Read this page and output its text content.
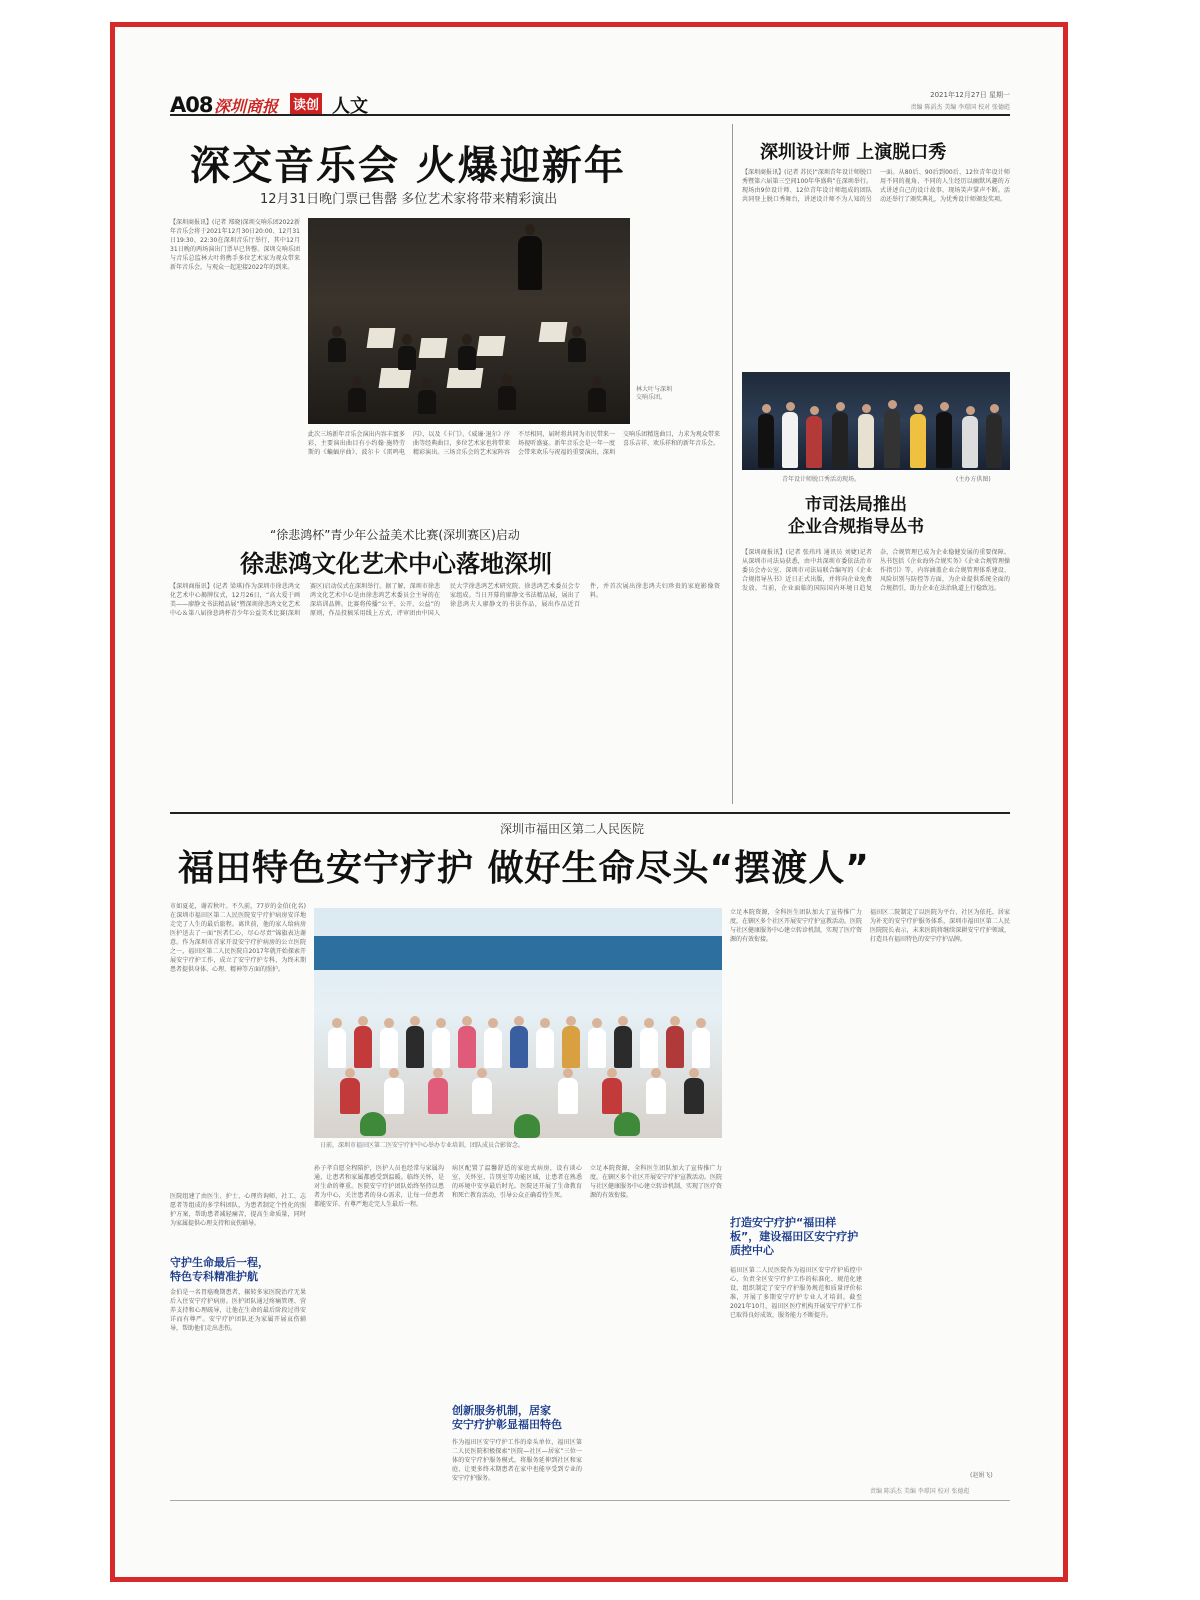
A08 深圳商报 读创 人文
2021年12月27日 星期一
责编 陈滔杰 美编 李璟国 校对 张德彪
深交音乐会 火爆迎新年
12月31日晚门票已售罄 多位艺术家将带来精彩演出
【深圳商报讯】(记者 郑晓)深圳交响乐团2022新年音乐会将于2021年12月30日20:00、12月31日19:30、22:30在深圳音乐厅举行，其中12月31日晚的两场演出门票早已售罄。深圳交响乐团与音乐总监林大叶将携手多位艺术家为观众带来新年音乐会，与观众一起迎接2022年的到来。
林大叶与深圳交响乐团。
此次三场新年音乐会演出内容丰富多彩，主要演出曲目有小约翰·施特劳斯的《蝙蝠序曲》、波尔卡《雷鸣电闪》，以及《卡门》、《威廉·退尔》序曲等经典曲目，多位艺术家也将带来精彩演出。三场音乐会的艺术家阵容不尽相同，届时将共同为市民带来一场视听盛宴。新年音乐会是一年一度会带来欢乐与祝福的重要演出，深圳交响乐团精选曲目，力求为观众带来喜乐吉祥、欢乐祥和的新年音乐会。
“徐悲鸿杯”青少年公益美术比赛(深圳赛区)启动
徐悲鸿文化艺术中心落地深圳
【深圳商报讯】(记者 梁琪)作为深圳市徐悲鸿文化艺术中心揭牌仪式，12月26日，“高大爱于画美——廖静文书法精品展”暨深圳徐悲鸿文化艺术中心＆第八届徐悲鸿杯青少年公益美术比赛(深圳赛区)启动仪式在深圳举行。据了解，深圳市徐悲鸿文化艺术中心是由徐悲鸿艺术委员会主导的在深培训品牌。比赛将传播“公平、公开、公益”的原则，作品投稿采用线上方式，评审团由中国人民大学徐悲鸿艺术研究院、徐悲鸿艺术委员会专家组成。当日开幕的廖静文书法精品展，展出了徐悲鸿夫人廖静文的书法作品，展出作品近百件，并首次展出徐悲鸿夫妇珍贵的家庭影像资料。
深圳设计师 上演脱口秀
【深圳商报讯】(记者 苏民)“深圳青年设计师脱口秀暨第六届第三空间100年华盛典”在深圳举行。现场由9位设计师、12位青年设计师组成的团队共同登上脱口秀舞台，讲述设计师不为人知的另一面。从80后、90后到00后，12位青年设计师用不同的视角、不同的人生经历以幽默风趣的方式讲述自己的设计故事，现场笑声掌声不断。活动还举行了颁奖典礼，为优秀设计师颁发奖项。
青年设计师脱口秀活动现场。	(主办方供图)
市司法局推出
企业合规指导丛书
【深圳商报讯】(记者 张玮玮 通讯员 刘婕)记者从深圳市司法局获悉，由中共深圳市委依法治市委员会办公室、深圳市司法局联合编写的《企业合规指导丛书》近日正式出版，并将向企业免费发放。当前，企业面临的国际国内环境日趋复杂，合规管理已成为企业稳健发展的重要保障。丛书包括《企业海外合规实务》《企业合规管理操作指引》等，内容涵盖企业合规管理体系建设、风险识别与防控等方面，为企业提供系统全面的合规指引，助力企业在法治轨道上行稳致远。
深圳市福田区第二人民医院
福田特色安宁疗护 做好生命尽头“摆渡人”
市如夏花，谢若秋叶。不久前，77岁的金伯(化名)在深圳市福田区第二人民医院安宁疗护病房安详地走完了人生的最后旅程。离世前，他的家人给病房医护送去了一面“医者仁心，尽心尽责”锦旗表达谢意。作为深圳市首家开设安宁疗护病房的公立医院之一，福田区第二人民医院自2017年就开始探索开展安宁疗护工作，成立了安宁疗护专科，为终末期患者提供身体、心理、精神等方面的照护。
日前，深圳市福田区第二医安宁疗护中心举办专业培训，团队成员合影留念。
医院组建了由医生、护士、心理咨询师、社工、志愿者等组成的多学科团队，为患者制定个性化的照护方案，帮助患者减轻痛苦，提高生命质量，同时为家属提供心理支持和哀伤辅导。
守护生命最后一程，
特色专科精准护航
金伯是一名胃癌晚期患者，辗转多家医院治疗无果后入住安宁疗护病房。医护团队通过疼痛管理、营养支持和心理疏导，让他在生命的最后阶段过得安详而有尊严。安宁疗护团队还为家属开展哀伤辅导，帮助他们走出悲伤。
孙子孝自愿全程陪护，医护人员也经常与家属沟通，让患者和家属都感受到温暖。临终关怀，是对生命的尊重。医院安宁疗护团队始终坚持以患者为中心，关注患者的身心需求，让每一位患者都能安详、有尊严地走完人生最后一程。
病区配置了温馨舒适的家庭式病房，设有谈心室、关怀室、告别室等功能区域，让患者在熟悉的环境中安享最后时光。医院还开展了生命教育和死亡教育活动，引导公众正确看待生死。
创新服务机制，居家
安宁疗护彰显福田特色
作为福田区安宁疗护工作的牵头单位，福田区第二人民医院积极探索“医院—社区—居家”三位一体的安宁疗护服务模式，将服务延伸到社区和家庭，让更多终末期患者在家中也能享受到专业的安宁疗护服务。
立足本院资源，全科医生团队加大了宣传推广力度，在辖区多个社区开展安宁疗护宣教活动。医院与社区健康服务中心建立转诊机制，实现了医疗资源的有效衔接。
立足本院资源，全科医生团队加大了宣传推广力度，在辖区多个社区开展安宁疗护宣教活动。医院与社区健康服务中心建立转诊机制，实现了医疗资源的有效衔接。
打造安宁疗护“福田样板”，建设福田区安宁疗护质控中心
福田区第二人民医院作为福田区安宁疗护质控中心，负责全区安宁疗护工作的标准化、规范化建设，组织制定了安宁疗护服务规范和质量评价标准，开展了多期安宁疗护专业人才培训。截至2021年10月，福田区医疗机构开展安宁疗护工作已取得良好成效，服务能力不断提升。
福田区二院制定了以医院为平台、社区为依托、居家为补充的安宁疗护服务体系，深圳市福田区第二人民医院院长表示，未来医院将继续深耕安宁疗护领域，打造具有福田特色的安宁疗护品牌。
(赵娟飞)
责编 陈滔杰 美编 李璟国 校对 张德彪
